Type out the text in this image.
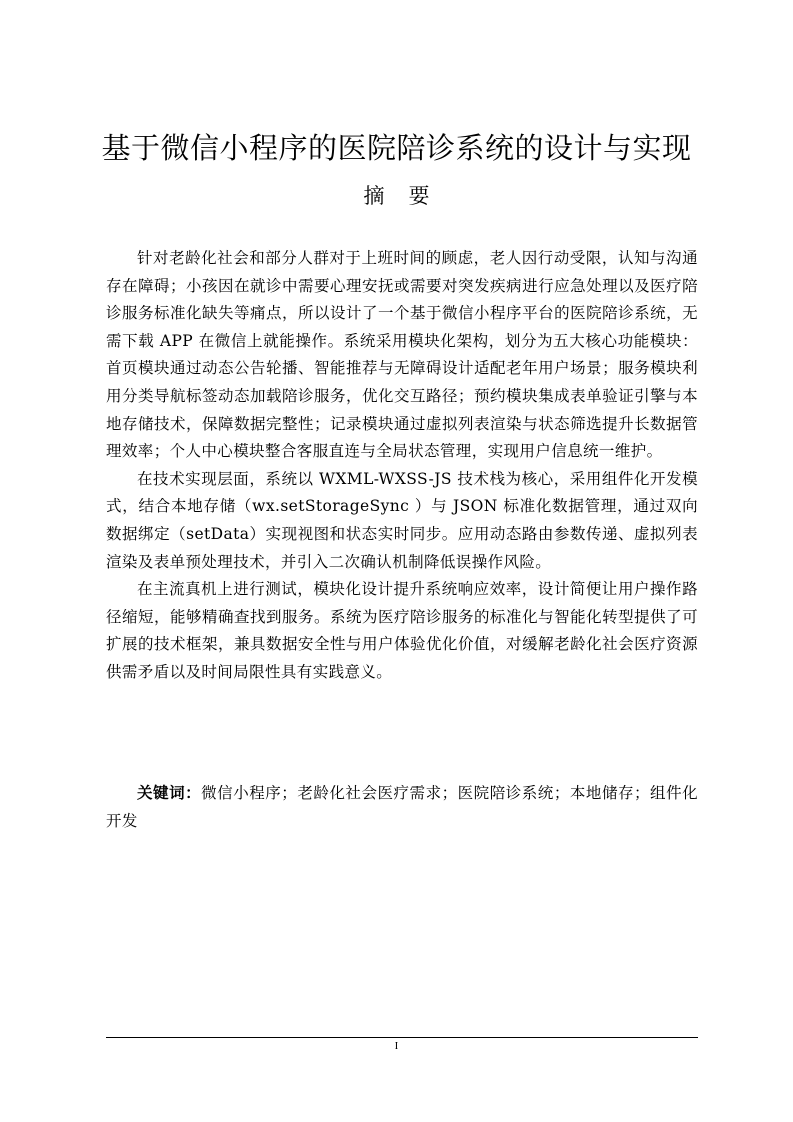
基于微信小程序的医院陪诊系统的设计与实现
摘 要

针对老龄化社会和部分人群对于上班时间的顾虑，老人因行动受限，认知与沟通存在障碍；小孩因在就诊中需要心理安抚或需要对突发疾病进行应急处理以及医疗陪诊服务标准化缺失等痛点，所以设计了一个基于微信小程序平台的医院陪诊系统，无需下载 APP 在微信上就能操作。系统采用模块化架构，划分为五大核心功能模块：首页模块通过动态公告轮播、智能推荐与无障碍设计适配老年用户场景；服务模块利用分类导航标签动态加载陪诊服务，优化交互路径；预约模块集成表单验证引擎与本地存储技术，保障数据完整性；记录模块通过虚拟列表渲染与状态筛选提升长数据管理效率；个人中心模块整合客服直连与全局状态管理，实现用户信息统一维护。

在技术实现层面，系统以 WXML-WXSS-JS 技术栈为核心，采用组件化开发模式，结合本地存储（wx.setStorageSync ）与 JSON 标准化数据管理，通过双向数据绑定（setData）实现视图和状态实时同步。应用动态路由参数传递、虚拟列表渲染及表单预处理技术，并引入二次确认机制降低误操作风险。

在主流真机上进行测试，模块化设计提升系统响应效率，设计简便让用户操作路径缩短，能够精确查找到服务。系统为医疗陪诊服务的标准化与智能化转型提供了可扩展的技术框架，兼具数据安全性与用户体验优化价值，对缓解老龄化社会医疗资源供需矛盾以及时间局限性具有实践意义。

关键词：微信小程序；老龄化社会医疗需求；医院陪诊系统；本地储存；组件化开发
I
